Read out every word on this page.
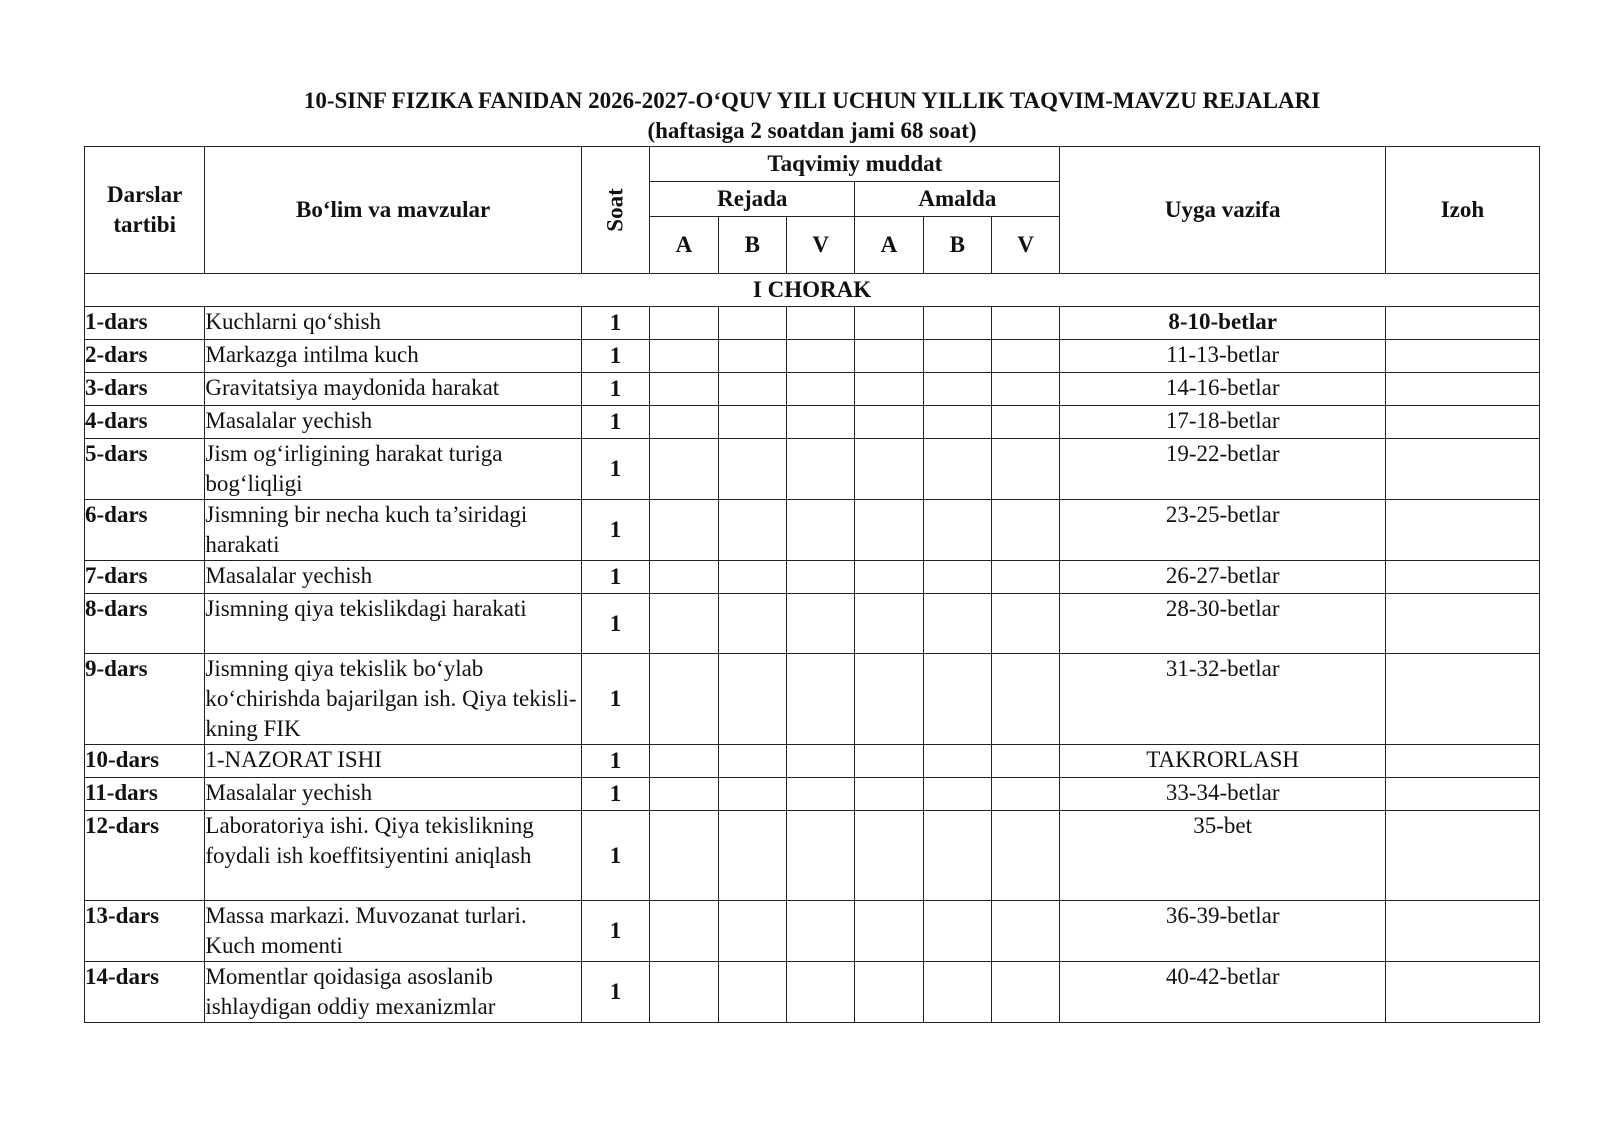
10-SINF FIZIKA FANIDAN 2026-2027-O‘QUV YILI UCHUN YILLIK TAQVIM-MAVZU REJALARI
(haftasiga 2 soatdan jami 68 soat)
Darslar tartibi	Bo‘lim va mavzular	Soat	Taqvimiy muddat						Uyga vazifa	Izoh
			Rejada			Amalda				
			A	B	V	A	B	V		
I CHORAK										
1-dars	Kuchlarni qo‘shish	1							8-10-betlar	
2-dars	Markazga intilma kuch	1							11-13-betlar	
3-dars	Gravitatsiya maydonida harakat	1							14-16-betlar	
4-dars	Masalalar yechish	1							17-18-betlar	
5-dars	Jism og‘irligining harakat turiga bog‘liqligi	1							19-22-betlar	
6-dars	Jismning bir necha kuch ta’siridagi harakati	1							23-25-betlar	
7-dars	Masalalar yechish	1							26-27-betlar	
8-dars	Jismning qiya tekislikdagi harakati	1							28-30-betlar	
9-dars	Jismning qiya tekislik bo‘ylab ko‘chirishda bajarilgan ish. Qiya tekisli-kning FIK	1							31-32-betlar	
10-dars	1-NAZORAT ISHI	1							TAKRORLASH	
11-dars	Masalalar yechish	1							33-34-betlar	
12-dars	Laboratoriya ishi. Qiya tekislikning foydali ish koeffitsiyentini aniqlash	1							35-bet	
13-dars	Massa markazi. Muvozanat turlari. Kuch momenti	1							36-39-betlar	
14-dars	Momentlar qoidasiga asoslanib ishlaydigan oddiy mexanizmlar	1							40-42-betlar	
